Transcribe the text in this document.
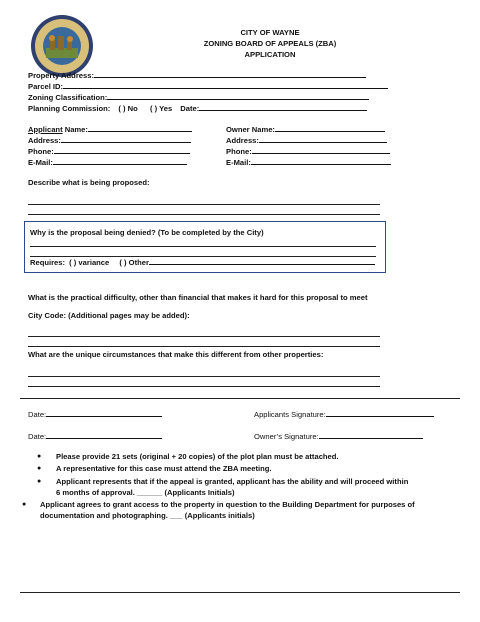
CITY OF WAYNE
ZONING BOARD OF APPEALS (ZBA)
APPLICATION
Property Address:
Parcel ID:
Zoning Classification:
Planning Commission: ( ) No ( ) Yes Date:
Applicant Name:
Address:
Phone:
E-Mail:
Owner Name:
Address:
Phone:
E-Mail:
Describe what is being proposed:
Why is the proposal being denied? (To be completed by the City)
Requires: ( ) variance ( ) Other
What is the practical difficulty, other than financial that makes it hard for this proposal to meet
City Code: (Additional pages may be added):
What are the unique circumstances that make this different from other properties:
Date:	Applicants Signature:
Date:	Owner’s Signature:
● Please provide 21 sets (original + 20 copies) of the plot plan must be attached.
● A representative for this case must attend the ZBA meeting.
● Applicant represents that if the appeal is granted, applicant has the ability and will proceed within
6 months of approval. ______ (Applicants Initials)
● Applicant agrees to grant access to the property in question to the Building Department for purposes of
documentation and photographing. ___ (Applicants initials)
